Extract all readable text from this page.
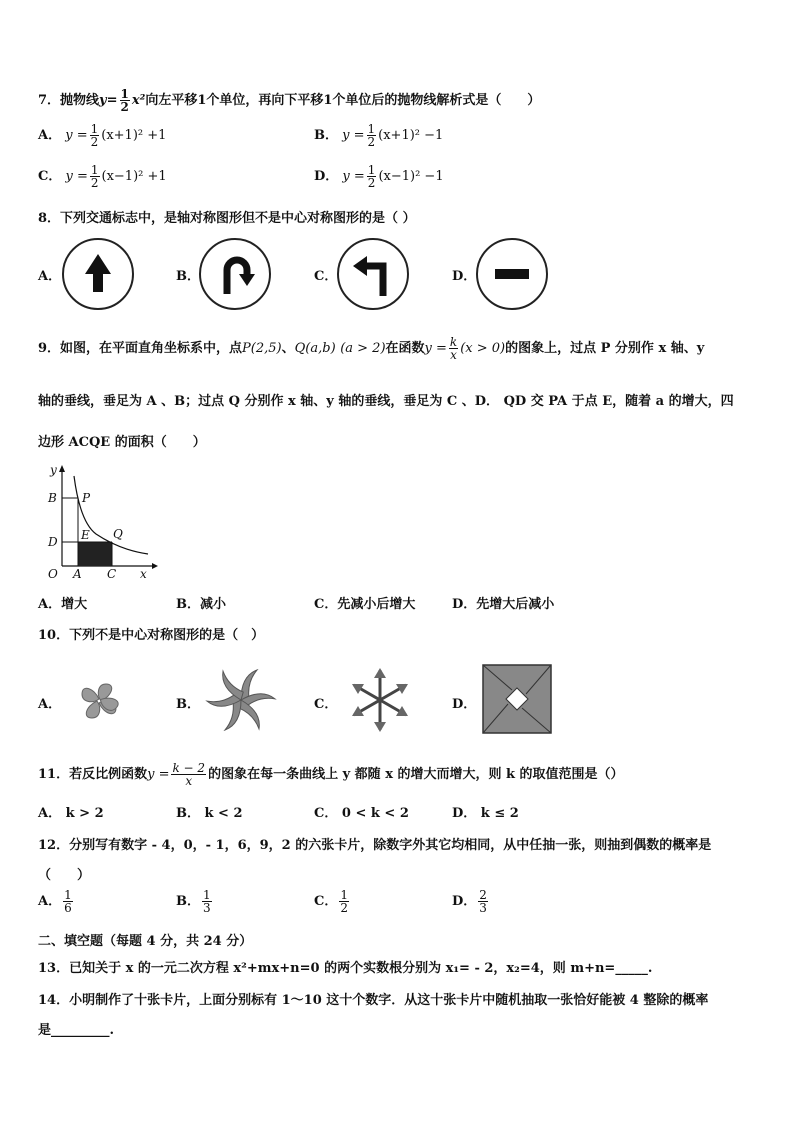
7．抛物线$y= \frac{1}{2} x^2$向左平移1个单位，再向下平移1个单位后的抛物线解析式是（　　）
A． $y = \frac{1}{2} (x+1)^2 +1$	B． $y = \frac{1}{2} (x+1)^2 -1$
C． $y = \frac{1}{2} (x-1)^2 +1$	D． $y = \frac{1}{2} (x-1)^2 -1$
8．下列交通标志中，是轴对称图形但不是中心对称图形的是（ ）
A．	B．	C．	D．
9．如图，在平面直角坐标系中，点P(2,5)、Q(a,b) (a > 2)在函数$y = \frac{k}{x} (x > 0)$的图象上，过点 P 分别作 x 轴、y
轴的垂线，垂足为 A 、B；过点 Q 分别作 x 轴、y 轴的垂线，垂足为 C 、D． QD 交 PA 于点 E，随着 a 的增大，四
边形 ACQE 的面积（　　）
y
x
B P
E Q
D
O A C
A．增大	B．减小	C．先减小后增大	D．先增大后减小
10．下列不是中心对称图形的是（　）
A．	B．	C．	D．
11．若反比例函数$y = \frac{k - 2}{x}$ 的图象在每一条曲线上 y 都随 x 的增大而增大，则 k 的取值范围是（）
A． k > 2	B． k < 2	C． 0 < k < 2	D． k ≤ 2
12．分别写有数字 - 4，0，- 1，6，9，2 的六张卡片，除数字外其它均相同，从中任抽一张，则抽到偶数的概率是
（　　）
A． $\frac{1}{6}$	B． $\frac{1}{3}$	C． $\frac{1}{2}$	D． $\frac{2}{3}$
二、填空题（每题 4 分，共 24 分）
13．已知关于 x 的一元二次方程 x²+mx+n=0 的两个实数根分别为 x₁= - 2，x₂=4，则 m+n=_____.
14．小明制作了十张卡片，上面分别标有 1～10 这十个数字．从这十张卡片中随机抽取一张恰好能被 4 整除的概率
是_________.
